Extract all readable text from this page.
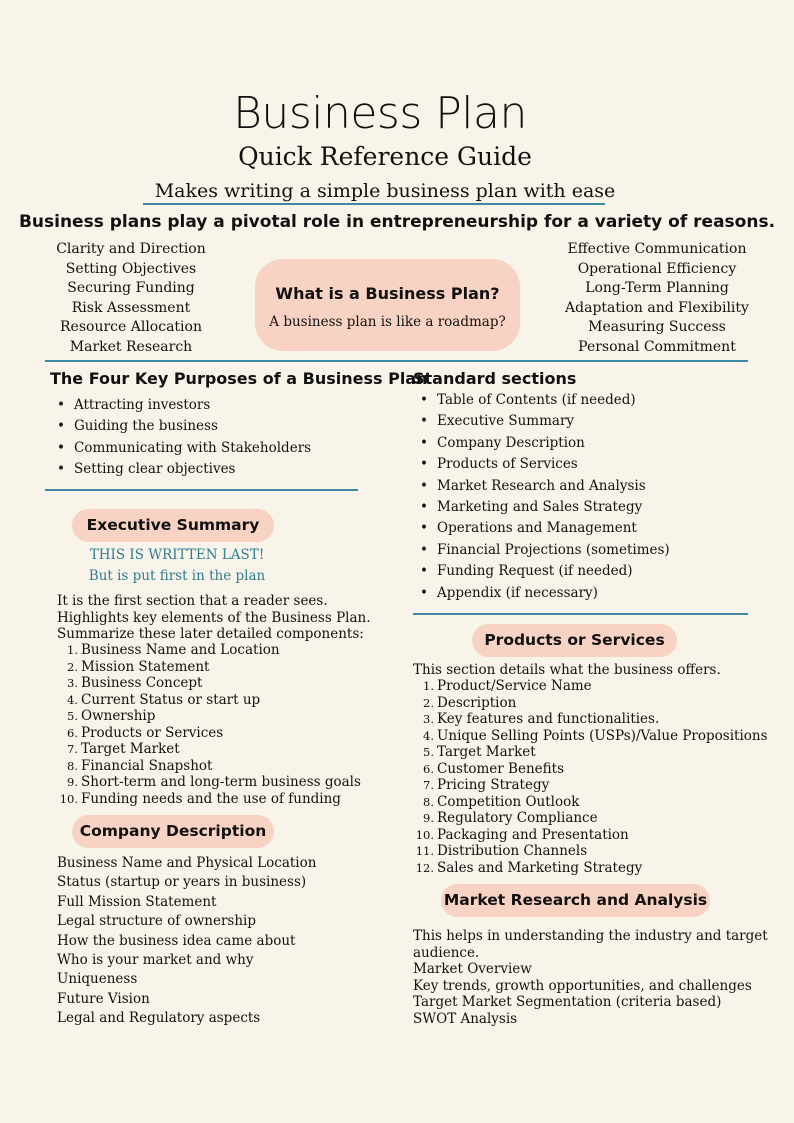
Business Plan
Quick Reference Guide
Makes writing a simple business plan with ease
Business plans play a pivotal role in entrepreneurship for a variety of reasons.
Clarity and Direction
Setting Objectives
Securing Funding
Risk Assessment
Resource Allocation
Market Research
Effective Communication
Operational Efficiency
Long-Term Planning
Adaptation and Flexibility
Measuring Success
Personal Commitment
What is a Business Plan?
A business plan is like a roadmap?
The Four Key Purposes of a Business Plan
• Attracting investors
• Guiding the business
• Communicating with Stakeholders
• Setting clear objectives
Standard sections
• Table of Contents (if needed)
• Executive Summary
• Company Description
• Products of Services
• Market Research and Analysis
• Marketing and Sales Strategy
• Operations and Management
• Financial Projections (sometimes)
• Funding Request (if needed)
• Appendix (if necessary)
Executive Summary
THIS IS WRITTEN LAST!
But is put first in the plan
It is the first section that a reader sees.
Highlights key elements of the Business Plan.
Summarize these later detailed components:
1. Business Name and Location
2. Mission Statement
3. Business Concept
4. Current Status or start up
5. Ownership
6. Products or Services
7. Target Market
8. Financial Snapshot
9. Short-term and long-term business goals
10. Funding needs and the use of funding
Company Description
Business Name and Physical Location
Status (startup or years in business)
Full Mission Statement
Legal structure of ownership
How the business idea came about
Who is your market and why
Uniqueness
Future Vision
Legal and Regulatory aspects
Products or Services
This section details what the business offers.
1. Product/Service Name
2. Description
3. Key features and functionalities.
4. Unique Selling Points (USPs)/Value Propositions
5. Target Market
6. Customer Benefits
7. Pricing Strategy
8. Competition Outlook
9. Regulatory Compliance
10. Packaging and Presentation
11. Distribution Channels
12. Sales and Marketing Strategy
Market Research and Analysis
This helps in understanding the industry and target
audience.
Market Overview
Key trends, growth opportunities, and challenges
Target Market Segmentation (criteria based)
SWOT Analysis
